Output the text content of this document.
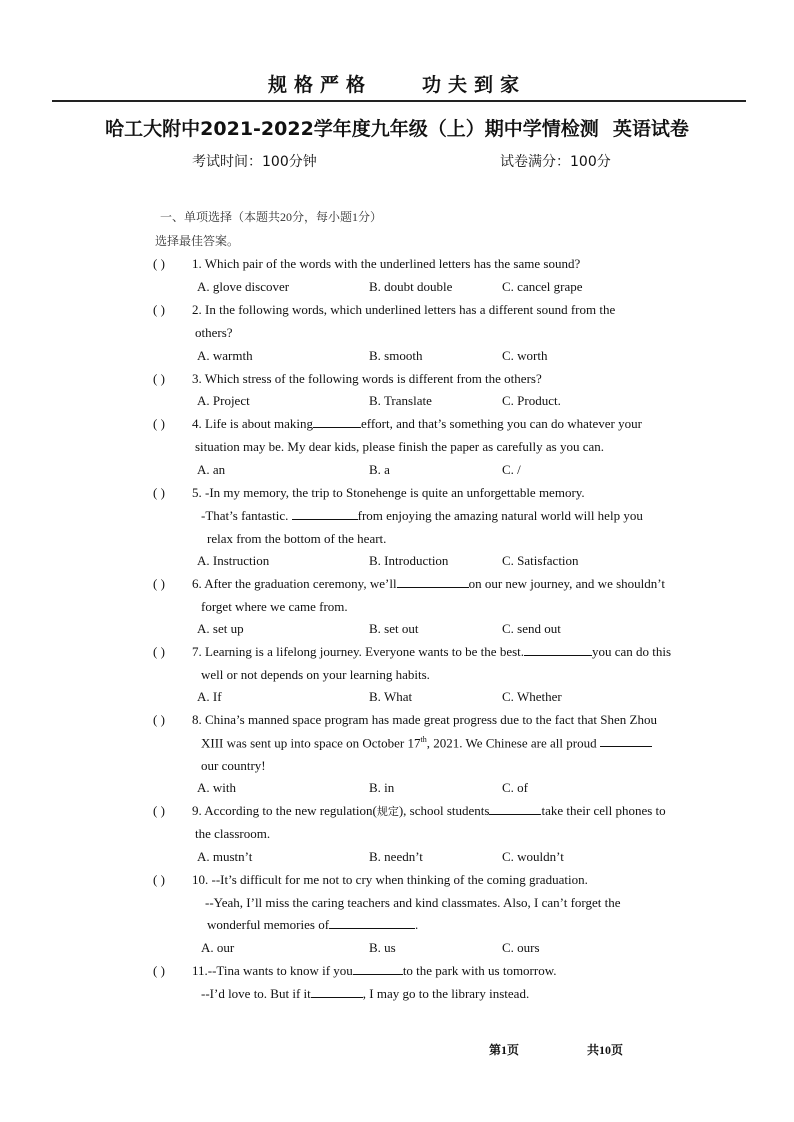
规格严格	功夫到家
哈工大附中2021-2022学年度九年级（上）期中学情检测 英语试卷
考试时间：100分钟	试卷满分：100分
一、单项选择（本题共20分，每小题1分）
选择最佳答案。
( ) 1. Which pair of the words with the underlined letters has the same sound?
A. glove discover	B. doubt double	C. cancel grape
( ) 2. In the following words, which underlined letters has a different sound from the
others?
A. warmth	B. smooth	C. worth
( ) 3. Which stress of the following words is different from the others?
A. Project	B. Translate	C. Product.
( ) 4. Life is about making	effort, and that’s something you can do whatever your
situation may be. My dear kids, please finish the paper as carefully as you can.
A. an	B. a	C. /
( ) 5. -In my memory, the trip to Stonehenge is quite an unforgettable memory.
-That’s fantastic.	from enjoying the amazing natural world will help you
relax from the bottom of the heart.
A. Instruction	B. Introduction	C. Satisfaction
( ) 6. After the graduation ceremony, we’ll	on our new journey, and we shouldn’t
forget where we came from.
A. set up	B. set out	C. send out
( ) 7. Learning is a lifelong journey. Everyone wants to be the best.	you can do this
well or not depends on your learning habits.
A. If	B. What	C. Whether
( ) 8. China’s manned space program has made great progress due to the fact that Shen Zhou
XIII was sent up into space on October 17th, 2021. We Chinese are all proud
our country!
A. with	B. in	C. of
( ) 9. According to the new regulation(规定), school students	take their cell phones to
the classroom.
A. mustn’t	B. needn’t	C. wouldn’t
( ) 10. --It’s difficult for me not to cry when thinking of the coming graduation.
--Yeah, I’ll miss the caring teachers and kind classmates. Also, I can’t forget the
wonderful memories of	.
A. our	B. us	C. ours
( ) 11.--Tina wants to know if you	to the park with us tomorrow.
--I’d love to. But if it	, I may go to the library instead.
第1页	共10页
